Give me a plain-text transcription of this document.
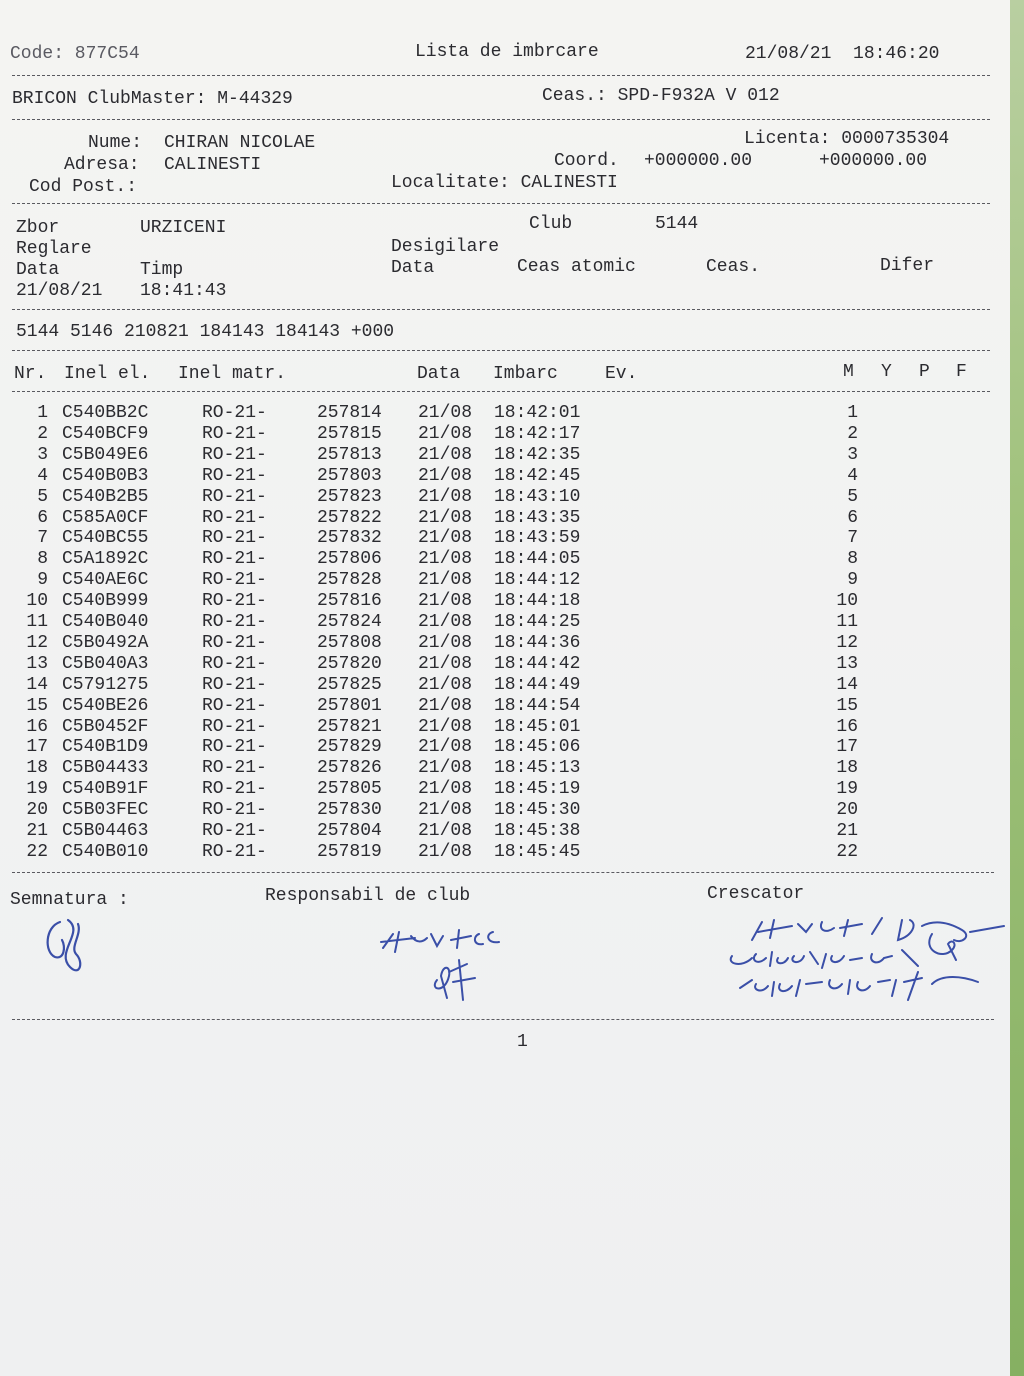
Code: 877C54	Lista de imbrcare	21/08/21  18:46:20
BRICON ClubMaster: M-44329	Ceas.: SPD-F932A V 012
Nume: CHIRAN NICOLAE
Adresa: CALINESTI
Cod Post.:
Licenta: 0000735304
Coord. +000000.00	+000000.00
Localitate: CALINESTI
Zbor	URZICENI	Club	5144
Reglare	Desigilare
Data	Timp	Data	Ceas atomic	Ceas.	Difer
21/08/21 18:41:43
5144 5146 210821 184143 184143 +000
Nr. Inel el. Inel matr.	Data Imbarc	Ev.	M Y P F
1 C540BB2C	RO-21-	257814 21/08 18:42:01	1
2 C540BCF9	RO-21-	257815 21/08 18:42:17	2
3 C5B049E6	RO-21-	257813 21/08 18:42:35	3
4 C540B0B3	RO-21-	257803 21/08 18:42:45	4
5 C540B2B5	RO-21-	257823 21/08 18:43:10	5
6 C585A0CF	RO-21-	257822 21/08 18:43:35	6
7 C540BC55	RO-21-	257832 21/08 18:43:59	7
8 C5A1892C	RO-21-	257806 21/08 18:44:05	8
9 C540AE6C	RO-21-	257828 21/08 18:44:12	9
10 C540B999	RO-21-	257816 21/08 18:44:18	10
11 C540B040	RO-21-	257824 21/08 18:44:25	11
12 C5B0492A	RO-21-	257808 21/08 18:44:36	12
13 C5B040A3	RO-21-	257820 21/08 18:44:42	13
14 C5791275	RO-21-	257825 21/08 18:44:49	14
15 C540BE26	RO-21-	257801 21/08 18:44:54	15
16 C5B0452F	RO-21-	257821 21/08 18:45:01	16
17 C540B1D9	RO-21-	257829 21/08 18:45:06	17
18 C5B04433	RO-21-	257826 21/08 18:45:13	18
19 C540B91F	RO-21-	257805 21/08 18:45:19	19
20 C5B03FEC	RO-21-	257830 21/08 18:45:30	20
21 C5B04463	RO-21-	257804 21/08 18:45:38	21
22 C540B010	RO-21-	257819 21/08 18:45:45	22
Semnatura :	Responsabil de club	Crescator
1
